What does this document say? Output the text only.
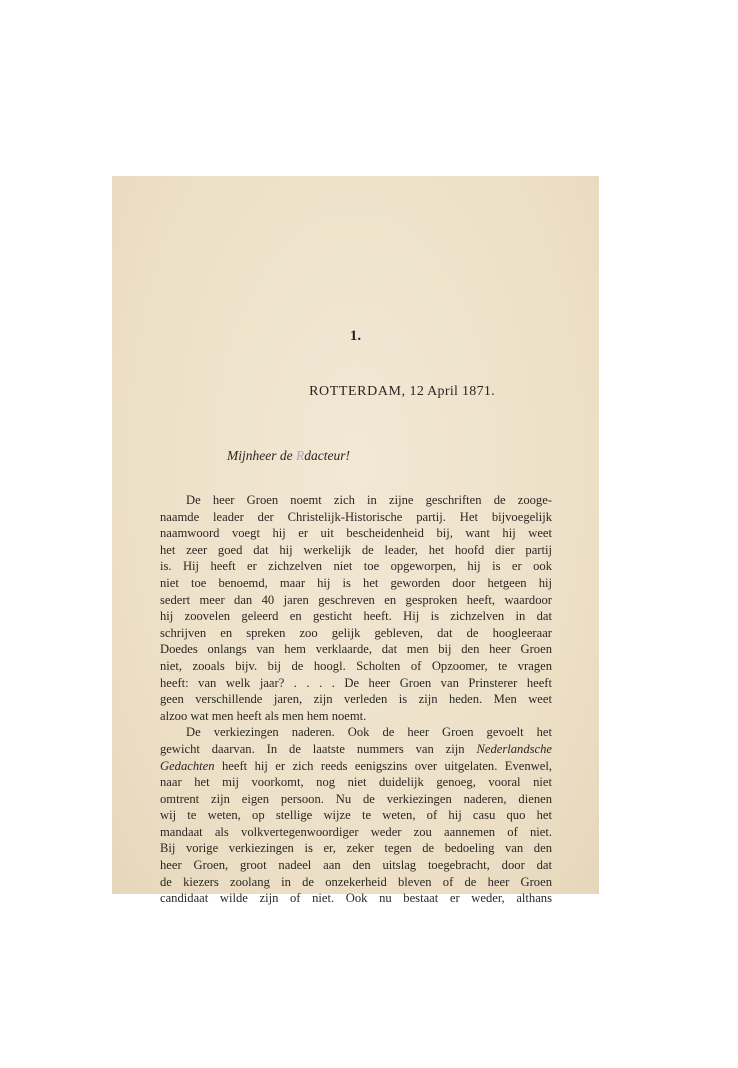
1.
ROTTERDAM, 12 April 1871.
Mijnheer de Rdacteur!
De heer Groen noemt zich in zijne geschriften de zooge-
naamde leader der Christelijk-Historische partij. Het bijvoegelijk
naamwoord voegt hij er uit bescheidenheid bij, want hij weet
het zeer goed dat hij werkelijk de leader, het hoofd dier partij
is. Hij heeft er zichzelven niet toe opgeworpen, hij is er ook
niet toe benoemd, maar hij is het geworden door hetgeen hij
sedert meer dan 40 jaren geschreven en gesproken heeft, waardoor
hij zoovelen geleerd en gesticht heeft. Hij is zichzelven in dat
schrijven en spreken zoo gelijk gebleven, dat de hoogleeraar
Doedes onlangs van hem verklaarde, dat men bij den heer Groen
niet, zooals bijv. bij de hoogl. Scholten of Opzoomer, te vragen
heeft: van welk jaar? . . . . De heer Groen van Prinsterer heeft
geen verschillende jaren, zijn verleden is zijn heden. Men weet
alzoo wat men heeft als men hem noemt.
De verkiezingen naderen. Ook de heer Groen gevoelt het
gewicht daarvan. In de laatste nummers van zijn Nederlandsche
Gedachten heeft hij er zich reeds eenigszins over uitgelaten. Evenwel,
naar het mij voorkomt, nog niet duidelijk genoeg, vooral niet
omtrent zijn eigen persoon. Nu de verkiezingen naderen, dienen
wij te weten, op stellige wijze te weten, of hij casu quo het
mandaat als volkvertegenwoordiger weder zou aannemen of niet.
Bij vorige verkiezingen is er, zeker tegen de bedoeling van den
heer Groen, groot nadeel aan den uitslag toegebracht, door dat
de kiezers zoolang in de onzekerheid bleven of de heer Groen
candidaat wilde zijn of niet. Ook nu bestaat er weder, althans
